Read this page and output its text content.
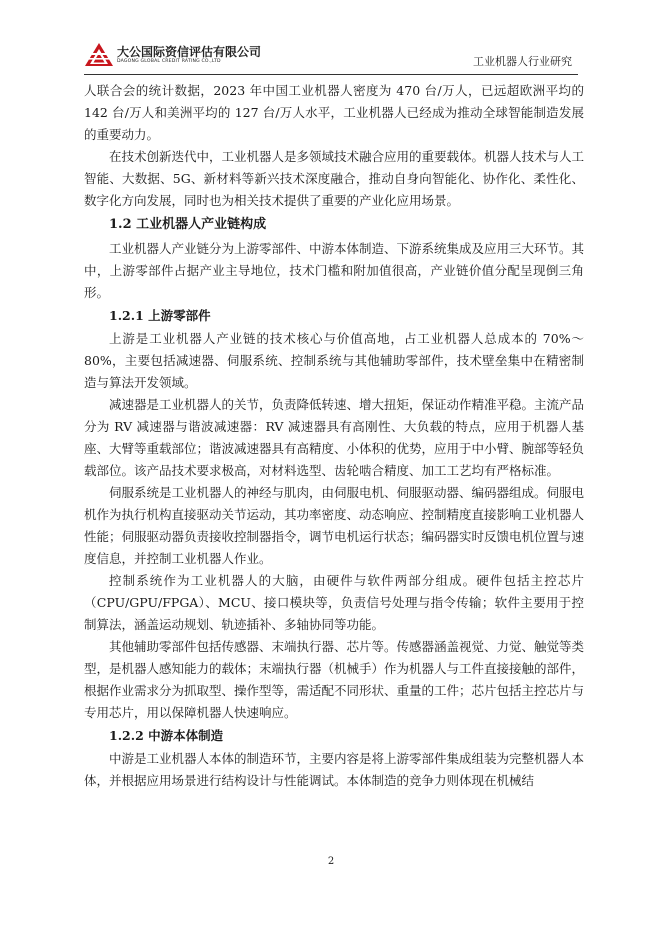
大公国际资信评估有限公司
DAGONG GLOBAL CREDIT RATING CO.,LTD	工业机器人行业研究

人联合会的统计数据，2023 年中国工业机器人密度为 470 台/万人，已远超欧洲平均的 142 台/万人和美洲平均的 127 台/万人水平，工业机器人已经成为推动全球智能制造发展的重要动力。

在技术创新迭代中，工业机器人是多领域技术融合应用的重要载体。机器人技术与人工智能、大数据、5G、新材料等新兴技术深度融合，推动自身向智能化、协作化、柔性化、数字化方向发展，同时也为相关技术提供了重要的产业化应用场景。

1.2 工业机器人产业链构成

工业机器人产业链分为上游零部件、中游本体制造、下游系统集成及应用三大环节。其中，上游零部件占据产业主导地位，技术门槛和附加值很高，产业链价值分配呈现倒三角形。

1.2.1 上游零部件

上游是工业机器人产业链的技术核心与价值高地，占工业机器人总成本的 70%～80%，主要包括减速器、伺服系统、控制系统与其他辅助零部件，技术壁垒集中在精密制造与算法开发领域。

减速器是工业机器人的关节，负责降低转速、增大扭矩，保证动作精准平稳。主流产品分为 RV 减速器与谐波减速器：RV 减速器具有高刚性、大负载的特点，应用于机器人基座、大臂等重载部位；谐波减速器具有高精度、小体积的优势，应用于中小臂、腕部等轻负载部位。该产品技术要求极高，对材料选型、齿轮啮合精度、加工工艺均有严格标准。

伺服系统是工业机器人的神经与肌肉，由伺服电机、伺服驱动器、编码器组成。伺服电机作为执行机构直接驱动关节运动，其功率密度、动态响应、控制精度直接影响工业机器人性能；伺服驱动器负责接收控制器指令，调节电机运行状态；编码器实时反馈电机位置与速度信息，并控制工业机器人作业。

控制系统作为工业机器人的大脑，由硬件与软件两部分组成。硬件包括主控芯片（CPU/GPU/FPGA）、MCU、接口模块等，负责信号处理与指令传输；软件主要用于控制算法，涵盖运动规划、轨迹插补、多轴协同等功能。

其他辅助零部件包括传感器、末端执行器、芯片等。传感器涵盖视觉、力觉、触觉等类型，是机器人感知能力的载体；末端执行器（机械手）作为机器人与工件直接接触的部件，根据作业需求分为抓取型、操作型等，需适配不同形状、重量的工件；芯片包括主控芯片与专用芯片，用以保障机器人快速响应。

1.2.2 中游本体制造

中游是工业机器人本体的制造环节，主要内容是将上游零部件集成组装为完整机器人本体，并根据应用场景进行结构设计与性能调试。本体制造的竞争力则体现在机械结

2
